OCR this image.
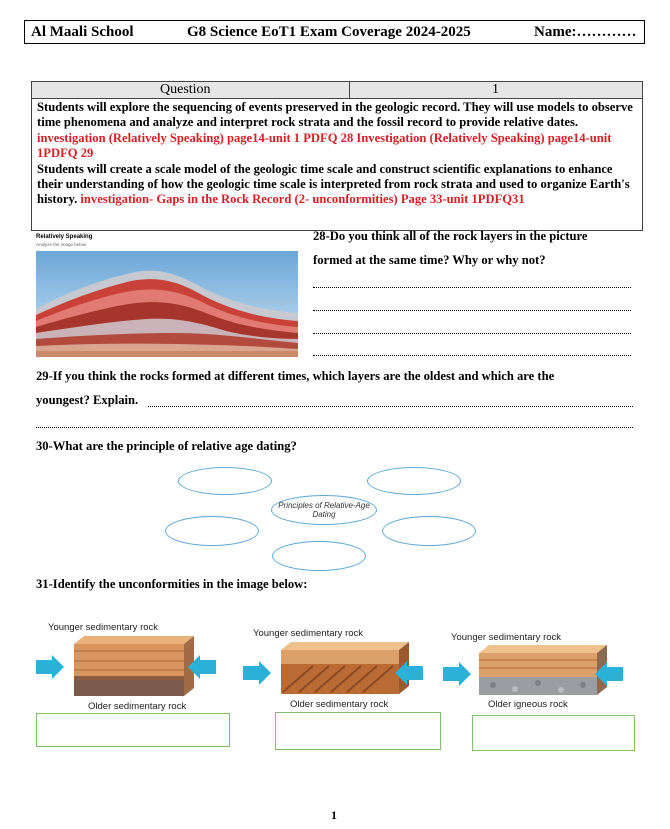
Al Maali School	G8 Science EoT1 Exam Coverage 2024-2025	Name:…………
Question	1

Students will explore the sequencing of events preserved in the geologic record. They will use models to observe time phenomena and analyze and interpret rock strata and the fossil record to provide relative dates. investigation (Relatively Speaking) page14-unit 1 PDFQ 28 Investigation (Relatively Speaking) page14-unit 1PDFQ 29

Students will create a scale model of the geologic time scale and construct scientific explanations to enhance their understanding of how the geologic time scale is interpreted from rock strata and used to organize Earth's history. investigation- Gaps in the Rock Record (2- unconformities) Page 33-unit 1PDFQ31

Relatively Speaking
Analyze the image below.
28-Do you think all of the rock layers in the picture
formed at the same time? Why or why not?
29-If you think the rocks formed at different times, which layers are the oldest and which are the
youngest? Explain.
30-What are the principle of relative age dating?
Principles of Relative-Age Dating
31-Identify the unconformities in the image below:
Younger sedimentary rock
Older sedimentary rock
Younger sedimentary rock
Older sedimentary rock
Younger sedimentary rock
Older igneous rock
1
